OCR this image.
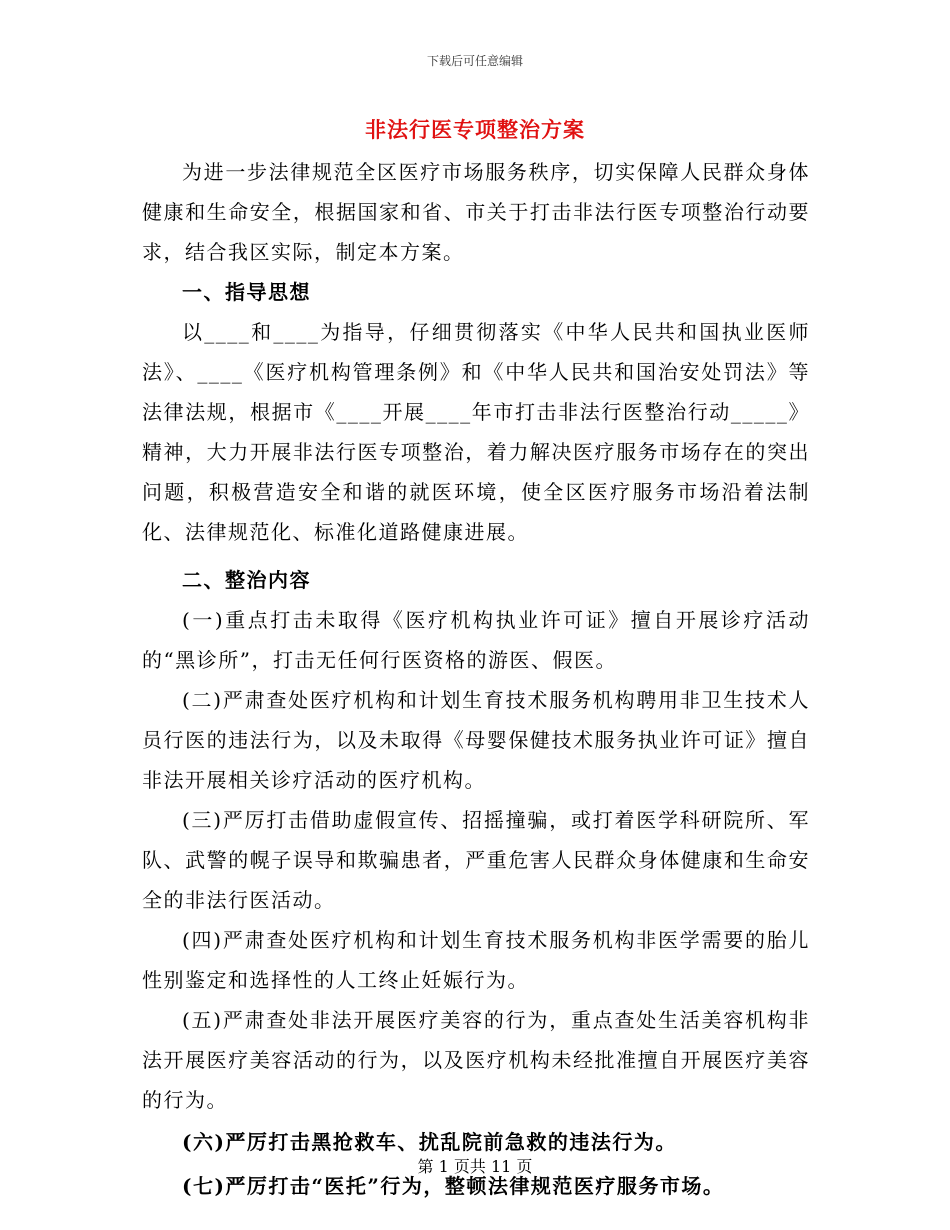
下载后可任意编辑
非法行医专项整治方案

为进一步法律规范全区医疗市场服务秩序，切实保障人民群众身体健康和生命安全，根据国家和省、市关于打击非法行医专项整治行动要求，结合我区实际，制定本方案。

一、指导思想

以____和____为指导，仔细贯彻落实《中华人民共和国执业医师法》、____《医疗机构管理条例》和《中华人民共和国治安处罚法》等法律法规，根据市《____开展____年市打击非法行医整治行动_____》精神，大力开展非法行医专项整治，着力解决医疗服务市场存在的突出问题，积极营造安全和谐的就医环境，使全区医疗服务市场沿着法制化、法律规范化、标准化道路健康进展。

二、整治内容

(一)重点打击未取得《医疗机构执业许可证》擅自开展诊疗活动的“黑诊所”，打击无任何行医资格的游医、假医。

(二)严肃查处医疗机构和计划生育技术服务机构聘用非卫生技术人员行医的违法行为，以及未取得《母婴保健技术服务执业许可证》擅自非法开展相关诊疗活动的医疗机构。

(三)严厉打击借助虚假宣传、招摇撞骗，或打着医学科研院所、军队、武警的幌子误导和欺骗患者，严重危害人民群众身体健康和生命安全的非法行医活动。

(四)严肃查处医疗机构和计划生育技术服务机构非医学需要的胎儿性别鉴定和选择性的人工终止妊娠行为。

(五)严肃查处非法开展医疗美容的行为，重点查处生活美容机构非法开展医疗美容活动的行为，以及医疗机构未经批准擅自开展医疗美容的行为。

(六)严厉打击黑抢救车、扰乱院前急救的违法行为。

(七)严厉打击“医托”行为，整顿法律规范医疗服务市场。

第 1 页共 11 页
